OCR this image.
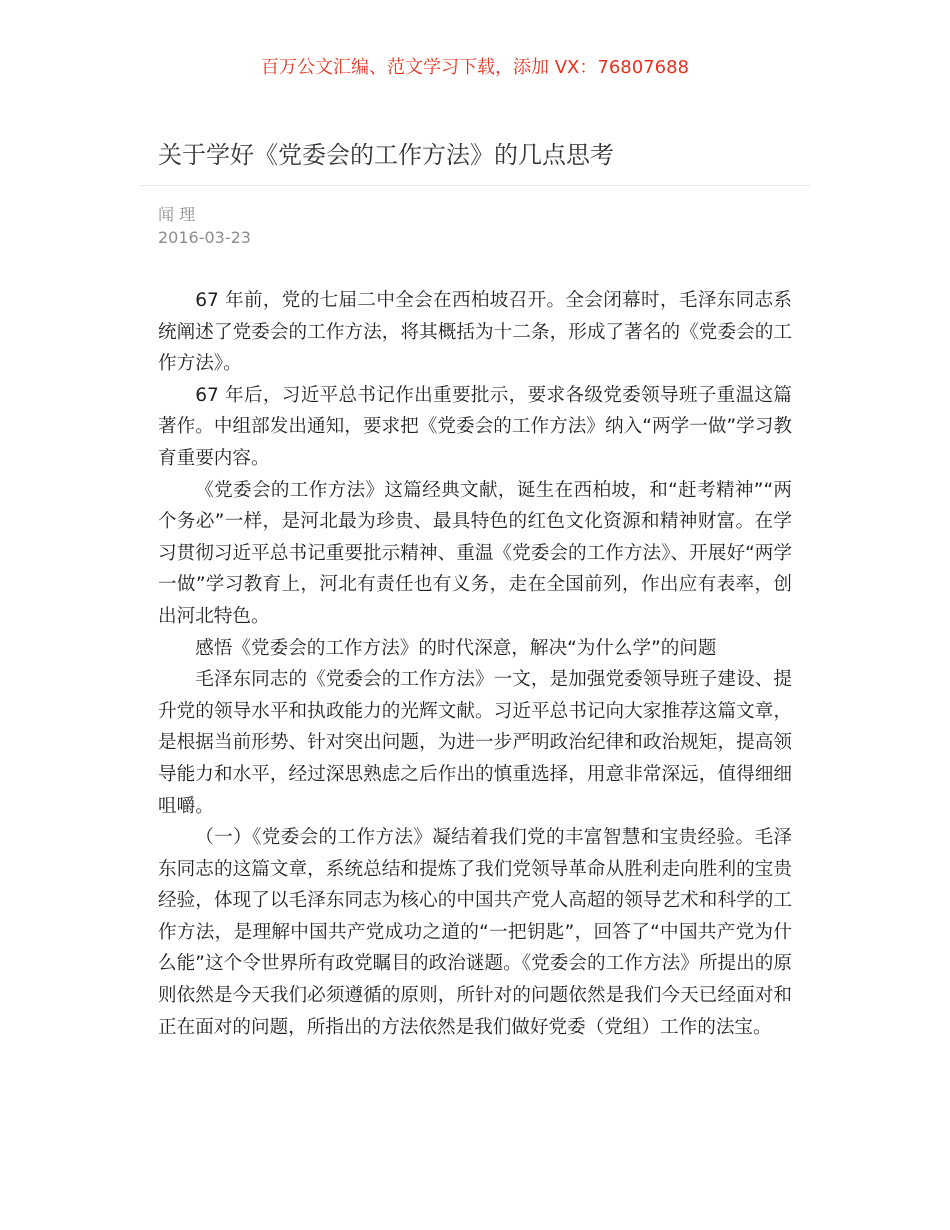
百万公文汇编、范文学习下载，添加 VX：76807688
关于学好《党委会的工作方法》的几点思考
闻 理
2016-03-23

67 年前，党的七届二中全会在西柏坡召开。全会闭幕时，毛泽东同志系统阐述了党委会的工作方法，将其概括为十二条，形成了著名的《党委会的工作方法》。

67 年后，习近平总书记作出重要批示，要求各级党委领导班子重温这篇著作。中组部发出通知，要求把《党委会的工作方法》纳入“两学一做”学习教育重要内容。

《党委会的工作方法》这篇经典文献，诞生在西柏坡，和“赶考精神”“两个务必”一样，是河北最为珍贵、最具特色的红色文化资源和精神财富。在学习贯彻习近平总书记重要批示精神、重温《党委会的工作方法》、开展好“两学一做”学习教育上，河北有责任也有义务，走在全国前列，作出应有表率，创出河北特色。

感悟《党委会的工作方法》的时代深意，解决“为什么学”的问题

毛泽东同志的《党委会的工作方法》一文，是加强党委领导班子建设、提升党的领导水平和执政能力的光辉文献。习近平总书记向大家推荐这篇文章，是根据当前形势、针对突出问题，为进一步严明政治纪律和政治规矩，提高领导能力和水平，经过深思熟虑之后作出的慎重选择，用意非常深远，值得细细咀嚼。

（一）《党委会的工作方法》凝结着我们党的丰富智慧和宝贵经验。毛泽东同志的这篇文章，系统总结和提炼了我们党领导革命从胜利走向胜利的宝贵经验，体现了以毛泽东同志为核心的中国共产党人高超的领导艺术和科学的工作方法，是理解中国共产党成功之道的“一把钥匙”，回答了“中国共产党为什么能”这个令世界所有政党瞩目的政治谜题。《党委会的工作方法》所提出的原则依然是今天我们必须遵循的原则，所针对的问题依然是我们今天已经面对和正在面对的问题，所指出的方法依然是我们做好党委（党组）工作的法宝。
